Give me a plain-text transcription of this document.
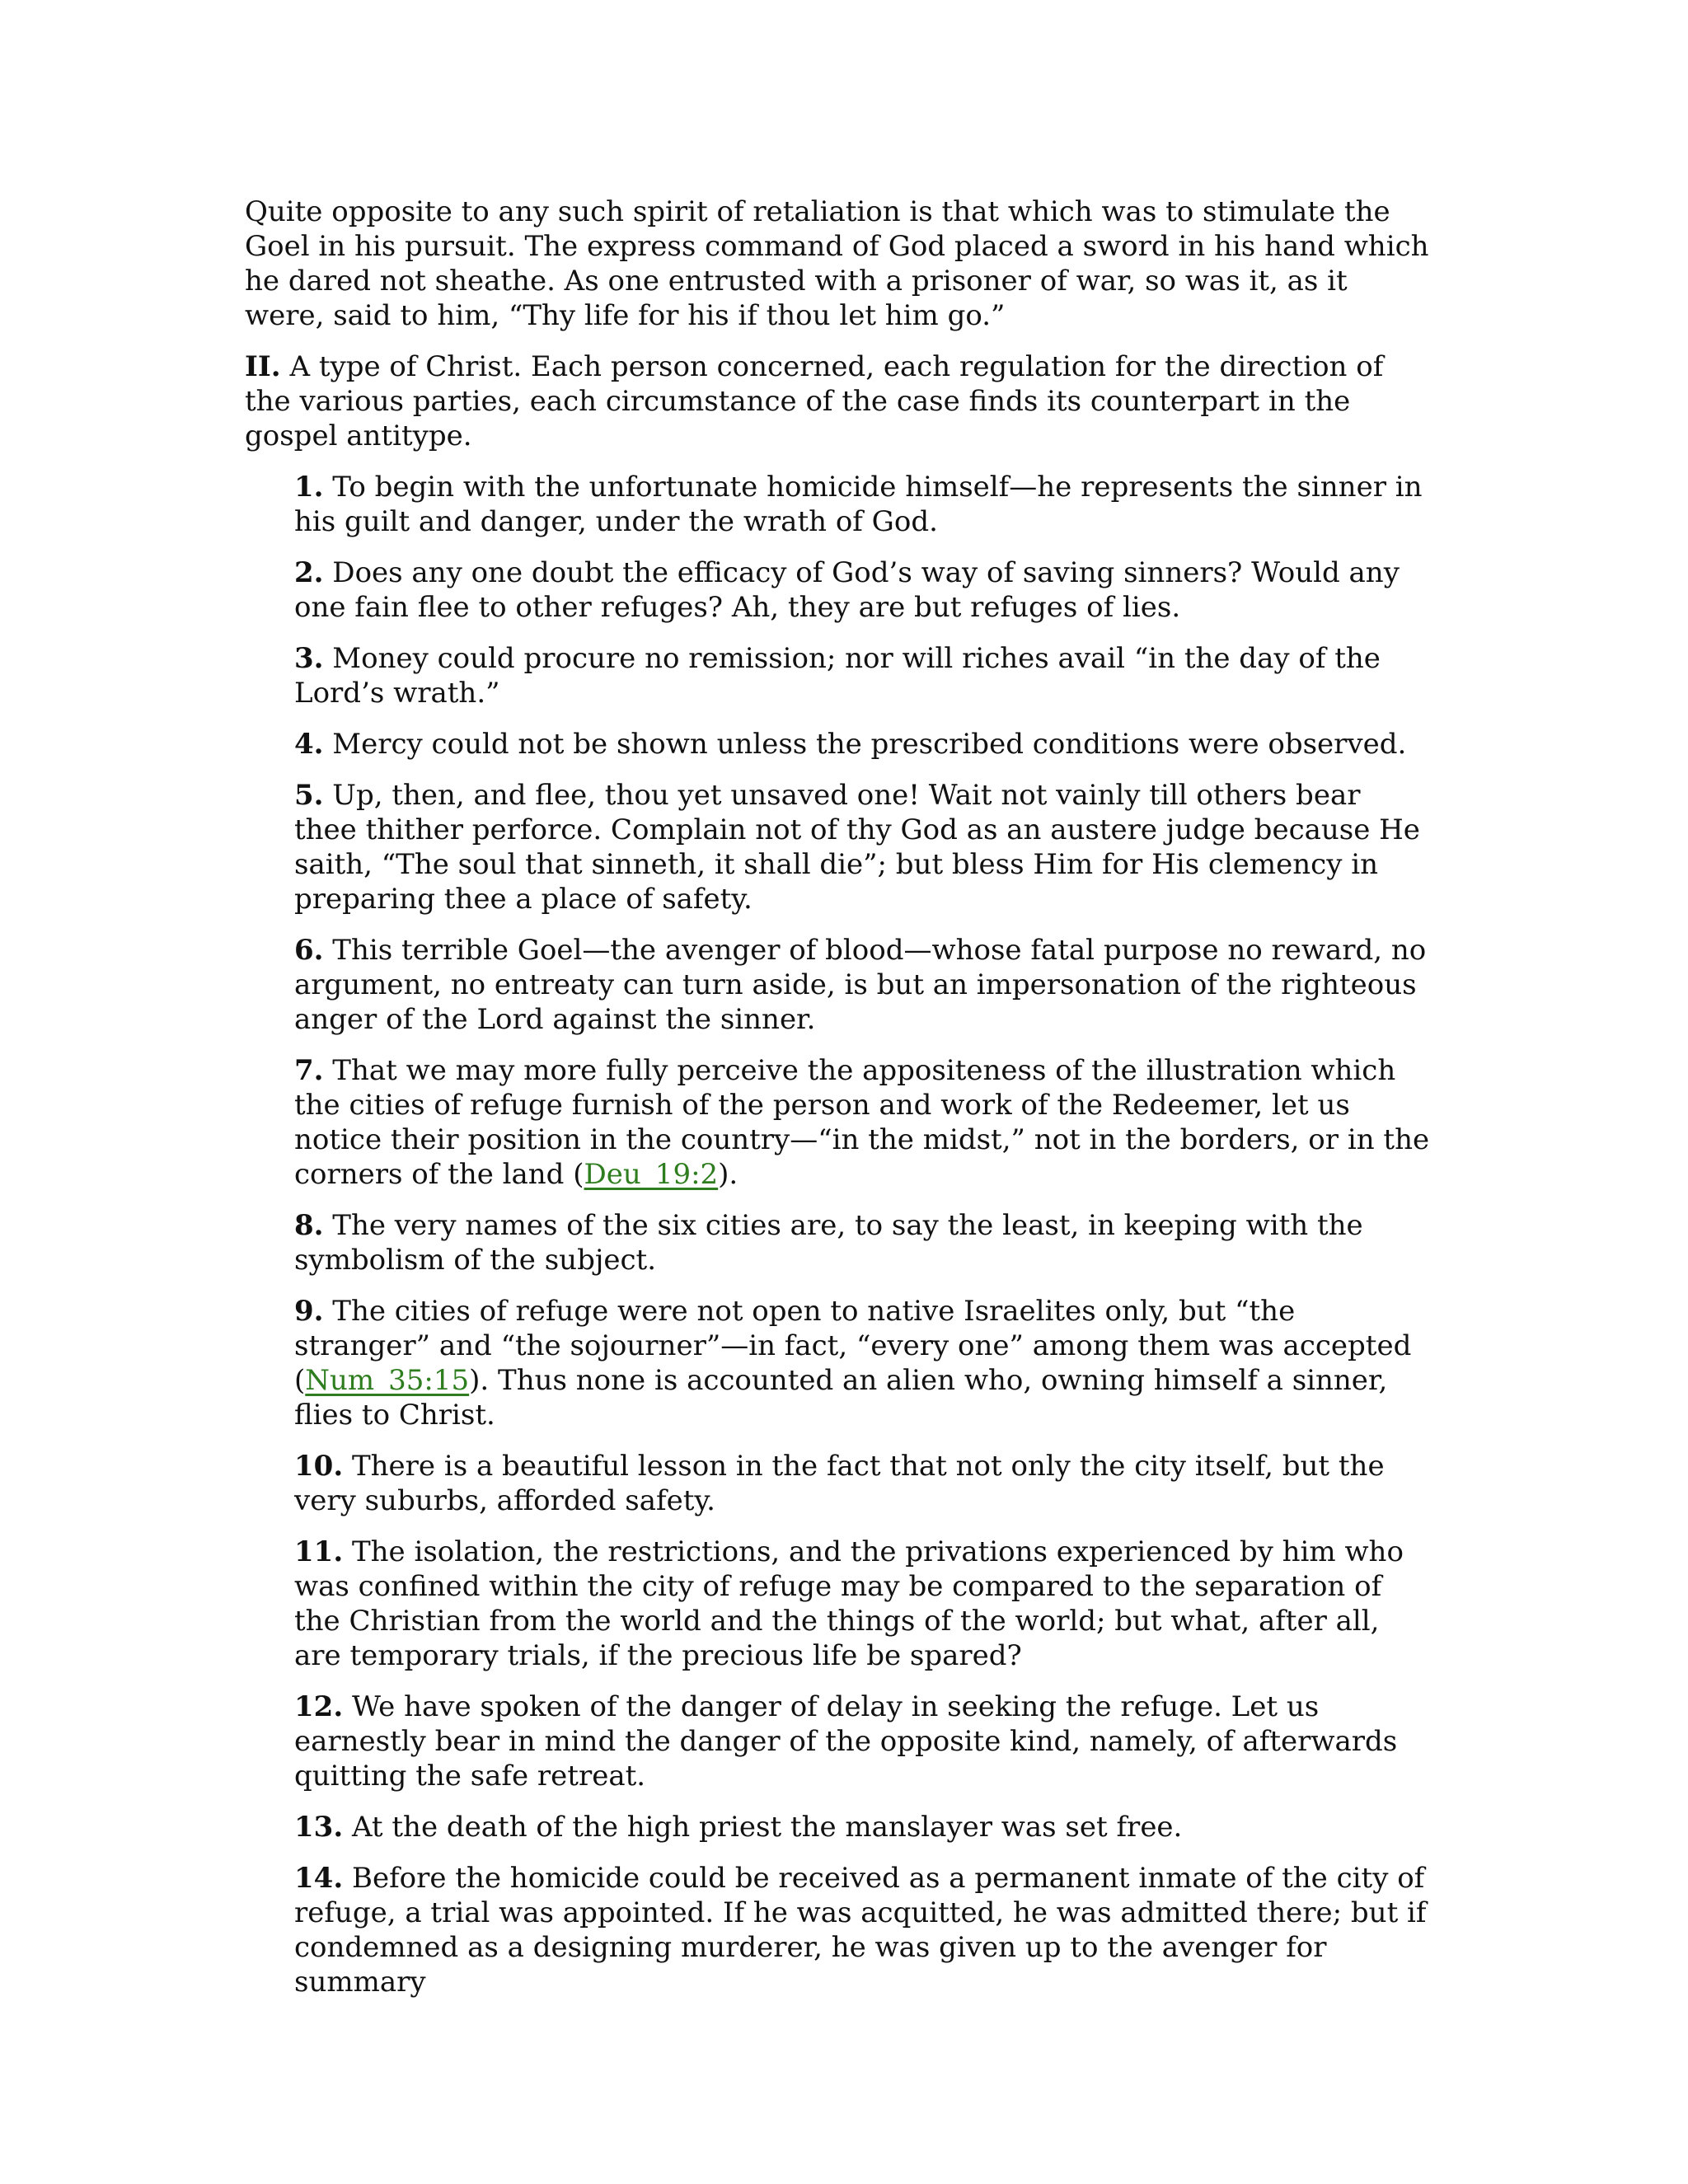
Quite opposite to any such spirit of retaliation is that which was to stimulate the Goel in his pursuit. The express command of God placed a sword in his hand which he dared not sheathe. As one entrusted with a prisoner of war, so was it, as it were, said to him, “Thy life for his if thou let him go.”

II. A type of Christ. Each person concerned, each regulation for the direction of the various parties, each circumstance of the case finds its counterpart in the gospel antitype.

1. To begin with the unfortunate homicide himself—he represents the sinner in his guilt and danger, under the wrath of God.

2. Does any one doubt the efficacy of God’s way of saving sinners? Would any one fain flee to other refuges? Ah, they are but refuges of lies.

3. Money could procure no remission; nor will riches avail “in the day of the Lord’s wrath.”

4. Mercy could not be shown unless the prescribed conditions were observed.

5. Up, then, and flee, thou yet unsaved one! Wait not vainly till others bear thee thither perforce. Complain not of thy God as an austere judge because He saith, “The soul that sinneth, it shall die”; but bless Him for His clemency in preparing thee a place of safety.

6. This terrible Goel—the avenger of blood—whose fatal purpose no reward, no argument, no entreaty can turn aside, is but an impersonation of the righteous anger of the Lord against the sinner.

7. That we may more fully perceive the appositeness of the illustration which the cities of refuge furnish of the person and work of the Redeemer, let us notice their position in the country—“in the midst,” not in the borders, or in the corners of the land (Deu_19:2).

8. The very names of the six cities are, to say the least, in keeping with the symbolism of the subject.

9. The cities of refuge were not open to native Israelites only, but “the stranger” and “the sojourner”—in fact, “every one” among them was accepted (Num_35:15). Thus none is accounted an alien who, owning himself a sinner, flies to Christ.

10. There is a beautiful lesson in the fact that not only the city itself, but the very suburbs, afforded safety.

11. The isolation, the restrictions, and the privations experienced by him who was confined within the city of refuge may be compared to the separation of the Christian from the world and the things of the world; but what, after all, are temporary trials, if the precious life be spared?

12. We have spoken of the danger of delay in seeking the refuge. Let us earnestly bear in mind the danger of the opposite kind, namely, of afterwards quitting the safe retreat.

13. At the death of the high priest the manslayer was set free.

14. Before the homicide could be received as a permanent inmate of the city of refuge, a trial was appointed. If he was acquitted, he was admitted there; but if condemned as a designing murderer, he was given up to the avenger for summary
